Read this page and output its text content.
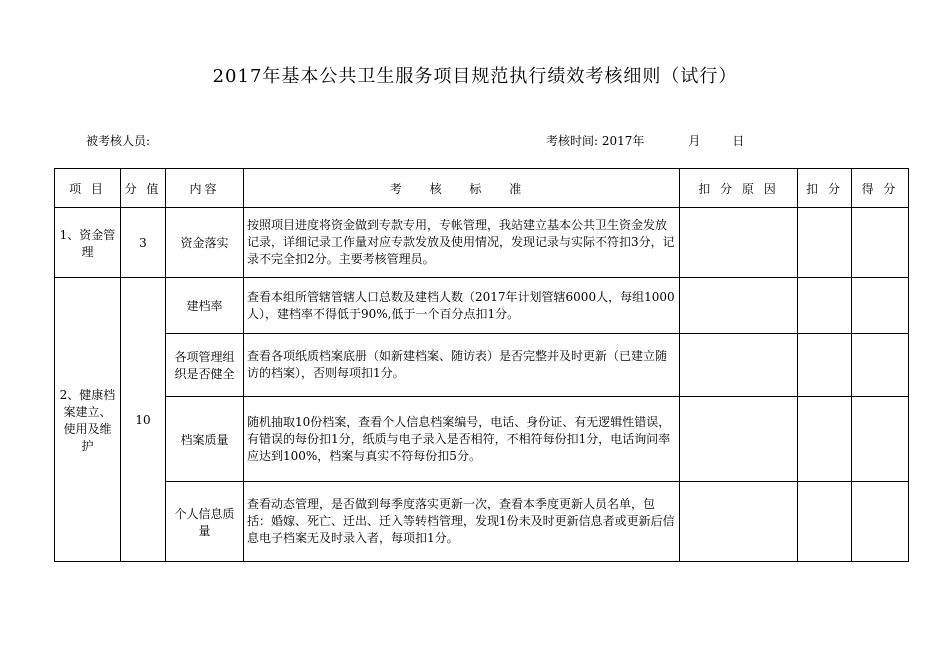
2017年基本公共卫生服务项目规范执行绩效考核细则（试行）
被考核人员:	考核时间: 2017年	月	日
项 目	分 值	内容	考 核 标 准	扣 分 原 因	扣 分	得 分
1、资金管理	3	资金落实	按照项目进度将资金做到专款专用，专帐管理，我站建立基本公共卫生资金发放记录，详细记录工作量对应专款发放及使用情况，发现记录与实际不符扣3分，记录不完全扣2分。主要考核管理员。			
2、健康档案建立、使用及维护	10	建档率	查看本组所管辖管辖人口总数及建档人数（2017年计划管辖6000人，每组1000人），建档率不得低于90%,低于一个百分点扣1分。			
		各项管理组织是否健全	查看各项纸质档案底册（如新建档案、随访表）是否完整并及时更新（已建立随访的档案），否则每项扣1分。			
		档案质量	随机抽取10份档案，查看个人信息档案编号，电话、身份证、有无逻辑性错误，有错误的每份扣1分，纸质与电子录入是否相符，不相符每份扣1分，电话询问率应达到100%，档案与真实不符每份扣5分。			
		个人信息质量	查看动态管理，是否做到每季度落实更新一次，查看本季度更新人员名单，包括：婚嫁、死亡、迁出、迁入等转档管理，发现1份未及时更新信息者或更新后信息电子档案无及时录入者，每项扣1分。			
